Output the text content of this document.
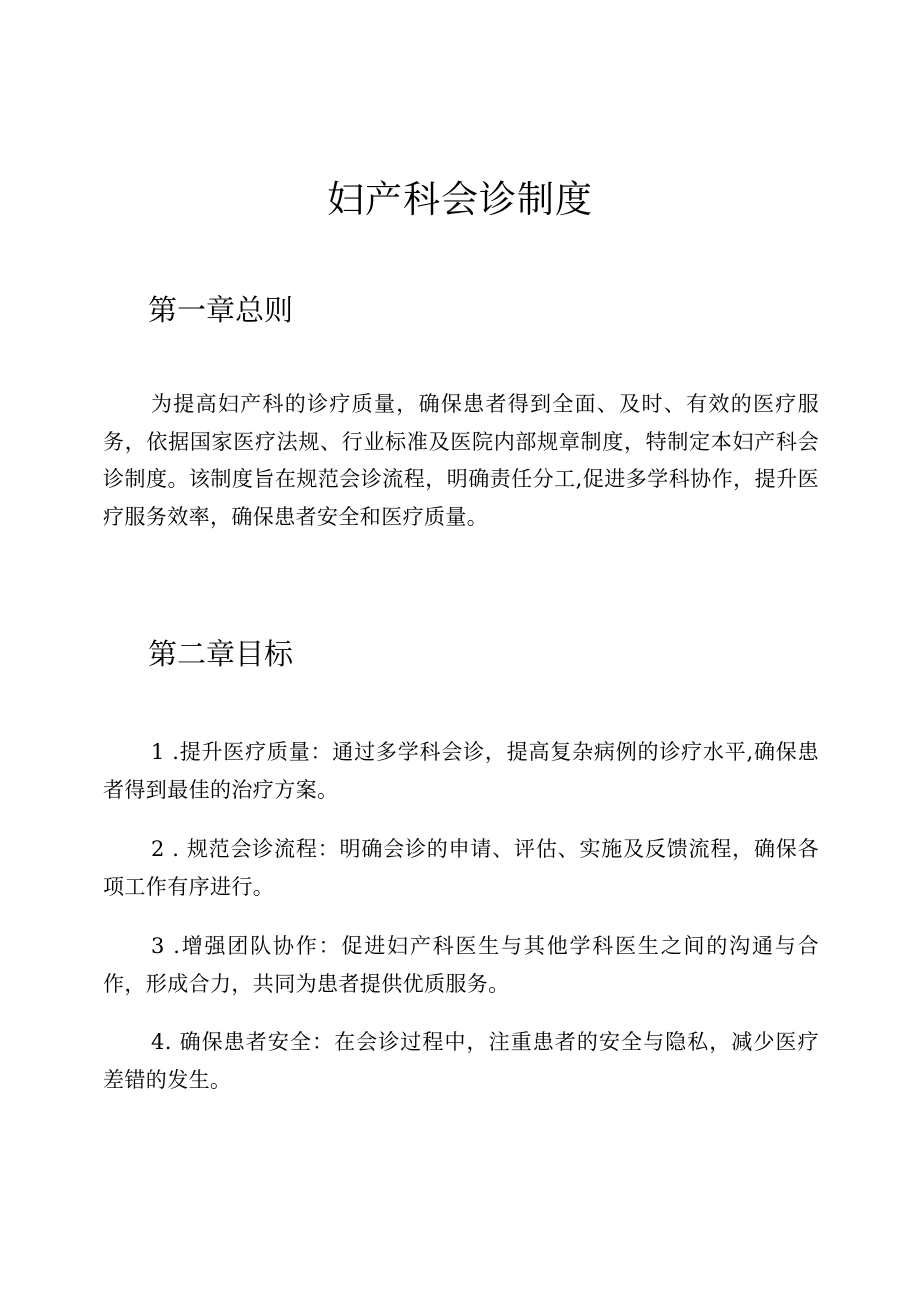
妇产科会诊制度
第一章总则

为提高妇产科的诊疗质量，确保患者得到全面、及时、有效的医疗服务，依据国家医疗法规、行业标准及医院内部规章制度，特制定本妇产科会诊制度。该制度旨在规范会诊流程，明确责任分工,促进多学科协作，提升医疗服务效率，确保患者安全和医疗质量。

第二章目标

1 .提升医疗质量：通过多学科会诊，提高复杂病例的诊疗水平,确保患者得到最佳的治疗方案。

2 . 规范会诊流程：明确会诊的申请、评估、实施及反馈流程，确保各项工作有序进行。

3 .增强团队协作：促进妇产科医生与其他学科医生之间的沟通与合作，形成合力，共同为患者提供优质服务。

4. 确保患者安全：在会诊过程中，注重患者的安全与隐私，减少医疗差错的发生。
